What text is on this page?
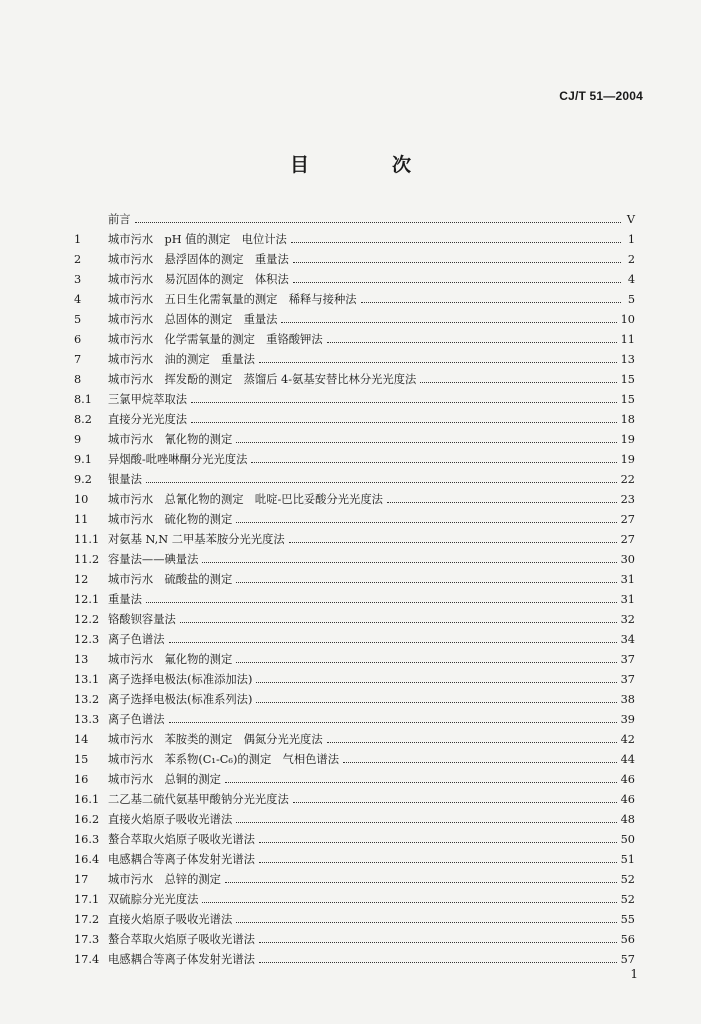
CJ/T 51—2004
目　次
前言	V
1	城市污水　pH 值的测定　电位计法	1
2	城市污水　悬浮固体的测定　重量法	2
3	城市污水　易沉固体的测定　体积法	4
4	城市污水　五日生化需氧量的测定　稀释与接种法	5
5	城市污水　总固体的测定　重量法	10
6	城市污水　化学需氧量的测定　重铬酸钾法	11
7	城市污水　油的测定　重量法	13
8	城市污水　挥发酚的测定　蒸馏后 4-氨基安替比林分光光度法	15
8.1	三氯甲烷萃取法	15
8.2	直接分光光度法	18
9	城市污水　氰化物的测定	19
9.1	异烟酸-吡唑啉酮分光光度法	19
9.2	银量法	22
10	城市污水　总氰化物的测定　吡啶-巴比妥酸分光光度法	23
11	城市污水　硫化物的测定	27
11.1 对氨基 N,N 二甲基苯胺分光光度法	27
11.2 容量法——碘量法	30
12	城市污水　硫酸盐的测定	31
12.1 重量法	31
12.2 铬酸钡容量法	32
12.3 离子色谱法	34
13	城市污水　氟化物的测定	37
13.1 离子选择电极法(标准添加法)	37
13.2 离子选择电极法(标准系列法)	38
13.3 离子色谱法	39
14	城市污水　苯胺类的测定　偶氮分光光度法	42
15	城市污水　苯系物(C₁-C₆)的测定　气相色谱法	44
16	城市污水　总铜的测定	46
16.1 二乙基二硫代氨基甲酸钠分光光度法	46
16.2 直接火焰原子吸收光谱法	48
16.3 螯合萃取火焰原子吸收光谱法	50
16.4 电感耦合等离子体发射光谱法	51
17	城市污水　总锌的测定	52
17.1 双硫腙分光光度法	52
17.2 直接火焰原子吸收光谱法	55
17.3 螯合萃取火焰原子吸收光谱法	56
17.4 电感耦合等离子体发射光谱法	57
1
